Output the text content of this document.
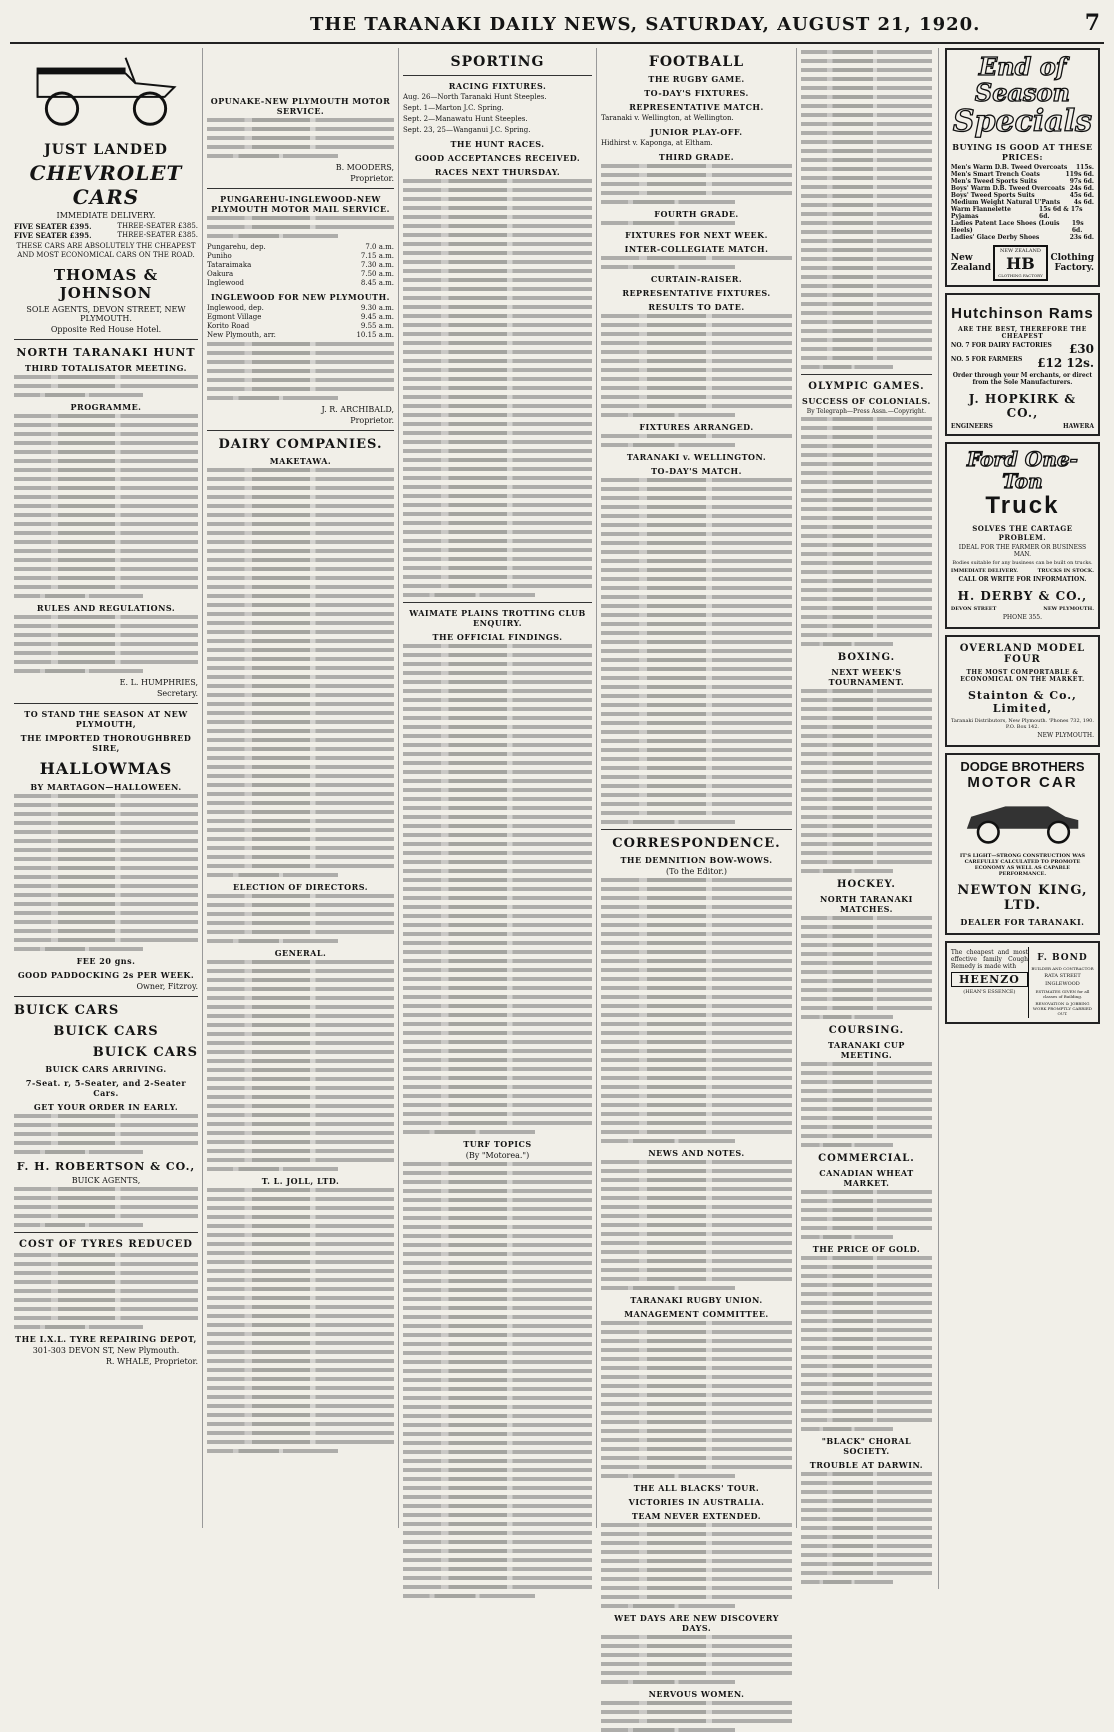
THE TARANAKI DAILY NEWS, SATURDAY, AUGUST 21, 1920.	7
JUST LANDED
CHEVROLET CARS
IMMEDIATE DELIVERY.
FIVE SEATER £395.	THREE-SEATER £385.
FIVE SEATER £395.	THREE-SEATER £385.
THESE CARS ARE ABSOLUTELY THE CHEAPEST AND MOST ECONOMICAL CARS ON THE ROAD.
THOMAS & JOHNSON
SOLE AGENTS, DEVON STREET, NEW PLYMOUTH.
Opposite Red House Hotel.
NORTH TARANAKI HUNT
THIRD TOTALISATOR MEETING.
PROGRAMME.
RULES AND REGULATIONS.
E. L. HUMPHRIES,
Secretary.
TO STAND THE SEASON AT NEW PLYMOUTH,
THE IMPORTED THOROUGHBRED SIRE,
HALLOWMAS
BY MARTAGON—HALLOWEEN.
FEE 20 gns.
GOOD PADDOCKING 2s PER WEEK.
Owner, Fitzroy.
BUICK CARS
BUICK CARS
BUICK CARS
BUICK CARS ARRIVING.
7-Seat. r, 5-Seater, and 2-Seater Cars.
GET YOUR ORDER IN EARLY.
F. H. ROBERTSON & CO.,
BUICK AGENTS,
COST OF TYRES REDUCED
THE I.X.L. TYRE REPAIRING DEPOT,
301-303 DEVON ST, New Plymouth.
R. WHALE, Proprietor.
OPUNAKE-NEW PLYMOUTH MOTOR SERVICE.
B. MOODERS,
Proprietor.
PUNGAREHU-INGLEWOOD-NEW PLYMOUTH MOTOR MAIL SERVICE.
Pungarehu, dep.	7.0 a.m.
Puniho	7.15 a.m.
Tataraimaka	7.30 a.m.
Oakura	7.50 a.m.
Inglewood	8.45 a.m.
INGLEWOOD FOR NEW PLYMOUTH.
Inglewood, dep.	9.30 a.m.
Egmont Village	9.45 a.m.
Korito Road	9.55 a.m.
New Plymouth, arr.	10.15 a.m.
J. R. ARCHIBALD,
Proprietor.
DAIRY COMPANIES.
MAKETAWA.
ELECTION OF DIRECTORS.
GENERAL.
T. L. JOLL, LTD.
SPORTING
RACING FIXTURES.
Aug. 26—North Taranaki Hunt Steeples.
Sept. 1—Marton J.C. Spring.
Sept. 2—Manawatu Hunt Steeples.
Sept. 23, 25—Wanganui J.C. Spring.
THE HUNT RACES.
GOOD ACCEPTANCES RECEIVED.
RACES NEXT THURSDAY.
WAIMATE PLAINS TROTTING CLUB ENQUIRY.
THE OFFICIAL FINDINGS.
TURF TOPICS
(By "Motorea.")
FOOTBALL
THE RUGBY GAME.
TO-DAY'S FIXTURES.
REPRESENTATIVE MATCH.
Taranaki v. Wellington, at Wellington.
JUNIOR PLAY-OFF.
Hidhirst v. Kaponga, at Eltham.
THIRD GRADE.
FOURTH GRADE.
FIXTURES FOR NEXT WEEK.
INTER-COLLEGIATE MATCH.
CURTAIN-RAISER.
REPRESENTATIVE FIXTURES.
RESULTS TO DATE.
FIXTURES ARRANGED.
TARANAKI v. WELLINGTON.
TO-DAY'S MATCH.
CORRESPONDENCE.
THE DEMNITION BOW-WOWS.
(To the Editor.)
NEWS AND NOTES.
TARANAKI RUGBY UNION.
MANAGEMENT COMMITTEE.
THE ALL BLACKS' TOUR.
VICTORIES IN AUSTRALIA.
TEAM NEVER EXTENDED.
WET DAYS ARE NEW DISCOVERY DAYS.
NERVOUS WOMEN.
OLYMPIC GAMES.
SUCCESS OF COLONIALS.
By Telegraph—Press Assn.—Copyright.
BOXING.
NEXT WEEK'S TOURNAMENT.
HOCKEY.
NORTH TARANAKI MATCHES.
COURSING.
TARANAKI CUP MEETING.
COMMERCIAL.
CANADIAN WHEAT MARKET.
THE PRICE OF GOLD.
"BLACK" CHORAL SOCIETY.
TROUBLE AT DARWIN.
End of Season
Specials
BUYING IS GOOD AT THESE PRICES:
Men's Warm D.B. Tweed Overcoats 115s.
Men's Smart Trench Coats	119s 6d.
Men's Tweed Sports Suits	97s 6d.
Boys' Warm D.B. Tweed Overcoats 24s 6d.
Boys' Tweed Sports Suits	45s 6d.
Medium Weight Natural U'Pants 4s 6d.
Warm Flannelette Pyjamas
15s 6d & 17s 6d.
Ladies Patent Lace Shoes (Louis Heels)
19s 6d.
Ladies' Glace Derby Shoes	23s 6d.
New Zealand
NEW ZEALAND
HB
CLOTHING FACTORY
Clothing Factory.
Hutchinson Rams
ARE THE BEST, THEREFORE THE CHEAPEST
NO. 7 FOR DAIRY FACTORIES £30
NO. 5 FOR FARMERS £12 12s.
Order through your M erchants, or direct from the Sole Manufacturers.
J. HOPKIRK & CO.,
ENGINEERS	HAWERA
Ford One-Ton
Truck
SOLVES THE CARTAGE PROBLEM.
IDEAL FOR THE FARMER OR BUSINESS MAN.
Bodies suitable for any business can be built on trucks.
IMMEDIATE DELIVERY.	TRUCKS IN STOCK.
CALL OR WRITE FOR INFORMATION.
H. DERBY & CO.,
DEVON STREET	NEW PLYMOUTH.
PHONE 355.
OVERLAND MODEL FOUR
THE MOST COMPORTABLE & ECONOMICAL ON THE MARKET.
Stainton & Co., Limited,
Taranaki Distributors, New Plymouth. 'Phones 732, 190. P.O. Box 142.
NEW PLYMOUTH.
DODGE BROTHERS
MOTOR CAR
IT'S LIGHT—STRONG CONSTRUCTION WAS CAREFULLY CALCULATED TO PROMOTE ECONOMY AS WELL AS CAPABLE PERFORMANCE.
NEWTON KING, LTD.
DEALER FOR TARANAKI.
The cheapest and most effective family Cough Remedy is made with
HEENZO
(HEAN'S ESSENCE)
F. BOND
BUILDER AND CONTRACTOR
RATA STREET
INGLEWOOD
ESTIMATES GIVEN for all classes of Building.
RENOVATION & JOBBING WORK PROMPTLY CARRIED OUT.
